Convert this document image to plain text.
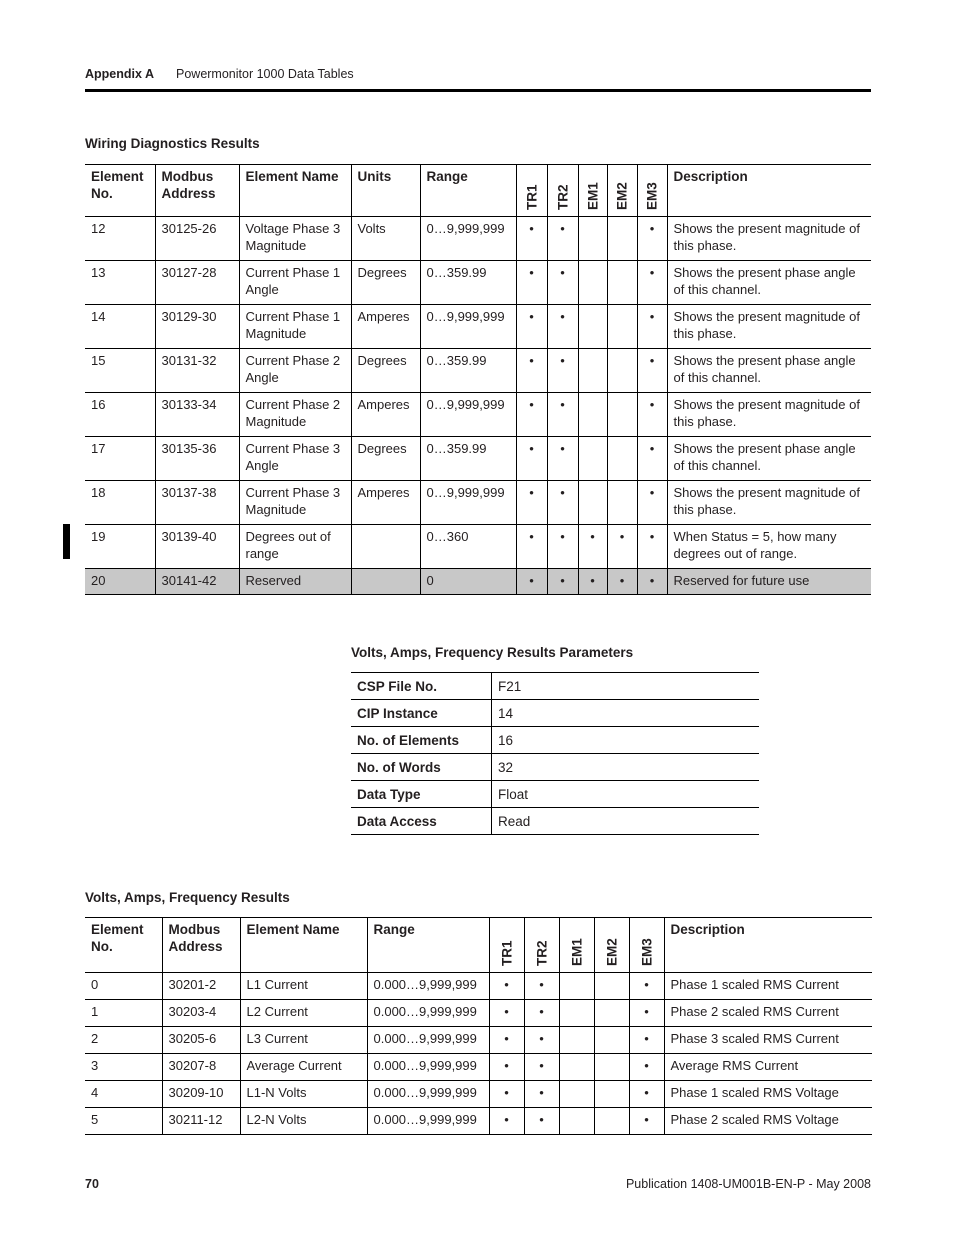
Appendix A Powermonitor 1000 Data Tables
Wiring Diagnostics Results
Element No.	Modbus Address	Element Name	Units	Range	TR1	TR2	EM1	EM2	EM3	Description
12	30125-26	Voltage Phase 3 Magnitude	Volts	0…9,999,999	•	•			•	Shows the present magnitude of this phase.
13	30127-28	Current Phase 1 Angle	Degrees	0…359.99	•	•			•	Shows the present phase angle of this channel.
14	30129-30	Current Phase 1 Magnitude	Amperes	0…9,999,999	•	•			•	Shows the present magnitude of this phase.
15	30131-32	Current Phase 2 Angle	Degrees	0…359.99	•	•			•	Shows the present phase angle of this channel.
16	30133-34	Current Phase 2 Magnitude	Amperes	0…9,999,999	•	•			•	Shows the present magnitude of this phase.
17	30135-36	Current Phase 3 Angle	Degrees	0…359.99	•	•			•	Shows the present phase angle of this channel.
18	30137-38	Current Phase 3 Magnitude	Amperes	0…9,999,999	•	•			•	Shows the present magnitude of this phase.
19	30139-40	Degrees out of range		0…360	•	•	•	•	•	When Status = 5, how many degrees out of range.
20	30141-42	Reserved		0	•	•	•	•	•	Reserved for future use
Volts, Amps, Frequency Results Parameters
CSP File No.	F21
CIP Instance	14
No. of Elements	16
No. of Words	32
Data Type	Float
Data Access	Read
Volts, Amps, Frequency Results
Element No.	Modbus Address	Element Name	Range	TR1	TR2	EM1	EM2	EM3	Description
0	30201-2	L1 Current	0.000…9,999,999	•	•			•	Phase 1 scaled RMS Current
1	30203-4	L2 Current	0.000…9,999,999	•	•			•	Phase 2 scaled RMS Current
2	30205-6	L3 Current	0.000…9,999,999	•	•			•	Phase 3 scaled RMS Current
3	30207-8	Average Current	0.000…9,999,999	•	•			•	Average RMS Current
4	30209-10	L1-N Volts	0.000…9,999,999	•	•			•	Phase 1 scaled RMS Voltage
5	30211-12	L2-N Volts	0.000…9,999,999	•	•			•	Phase 2 scaled RMS Voltage
70	Publication 1408-UM001B-EN-P - May 2008
